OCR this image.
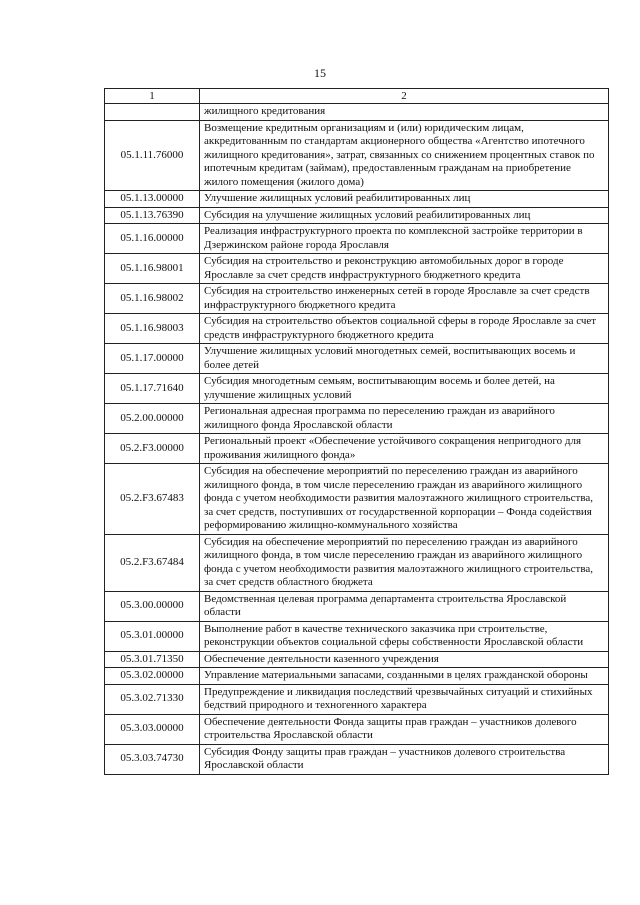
15
1	2
	жилищного кредитования
05.1.11.76000	Возмещение кредитным организациям и (или) юридическим лицам, аккредитованным по стандартам акционерного общества «Агентство ипотечного жилищного кредитования», затрат, связанных со снижением процентных ставок по ипотечным кредитам (займам), предоставленным гражданам на приобретение жилого помещения (жилого дома)
05.1.13.00000	Улучшение жилищных условий реабилитированных лиц
05.1.13.76390	Субсидия на улучшение жилищных условий реабилитированных лиц
05.1.16.00000	Реализация инфраструктурного проекта по комплексной застройке территории в Дзержинском районе города Ярославля
05.1.16.98001	Субсидия на строительство и реконструкцию автомобильных дорог в городе Ярославле за счет средств инфраструктурного бюджетного кредита
05.1.16.98002	Субсидия на строительство инженерных сетей в городе Ярославле за счет средств инфраструктурного бюджетного кредита
05.1.16.98003	Субсидия на строительство объектов социальной сферы в городе Ярославле за счет средств инфраструктурного бюджетного кредита
05.1.17.00000	Улучшение жилищных условий многодетных семей, воспитывающих восемь и более детей
05.1.17.71640	Субсидия многодетным семьям, воспитывающим восемь и более детей, на улучшение жилищных условий
05.2.00.00000	Региональная адресная программа по переселению граждан из аварийного жилищного фонда Ярославской области
05.2.F3.00000	Региональный проект «Обеспечение устойчивого сокращения непригодного для проживания жилищного фонда»
05.2.F3.67483	Субсидия на обеспечение мероприятий по переселению граждан из аварийного жилищного фонда, в том числе переселению граждан из аварийного жилищного фонда с учетом необходимости развития малоэтажного жилищного строительства, за счет средств, поступивших от государственной корпорации – Фонда содействия реформированию жилищно-коммунального хозяйства
05.2.F3.67484	Субсидия на обеспечение мероприятий по переселению граждан из аварийного жилищного фонда, в том числе переселению граждан из аварийного жилищного фонда с учетом необходимости развития малоэтажного жилищного строительства, за счет средств областного бюджета
05.3.00.00000	Ведомственная целевая программа департамента строительства Ярославской области
05.3.01.00000	Выполнение работ в качестве технического заказчика при строительстве, реконструкции объектов социальной сферы собственности Ярославской области
05.3.01.71350	Обеспечение деятельности казенного учреждения
05.3.02.00000	Управление материальными запасами, созданными в целях гражданской обороны
05.3.02.71330	Предупреждение и ликвидация последствий чрезвычайных ситуаций и стихийных бедствий природного и техногенного характера
05.3.03.00000	Обеспечение деятельности Фонда защиты прав граждан – участников долевого строительства Ярославской области
05.3.03.74730	Субсидия Фонду защиты прав граждан – участников долевого строительства Ярославской области
